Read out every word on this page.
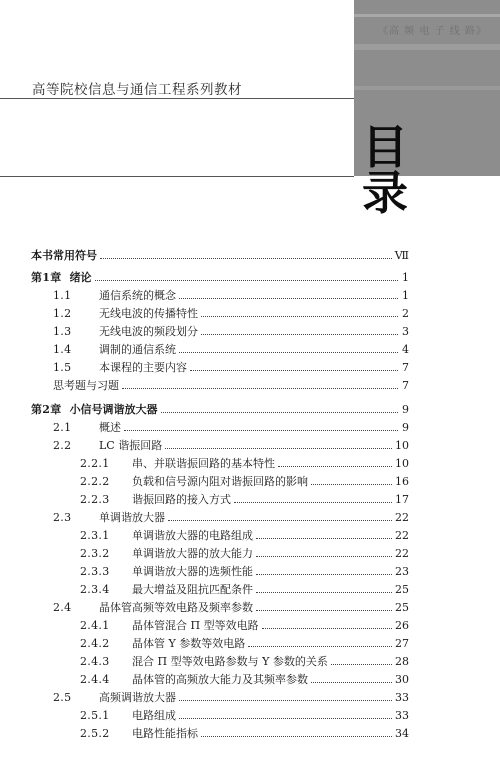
《高 频 电 子 线 路》
高等院校信息与通信工程系列教材
目 录
本书常用符号	Ⅶ
第1章 绪论	1
1.1	通信系统的概念	1
1.2	无线电波的传播特性	2
1.3	无线电波的频段划分	3
1.4	调制的通信系统	4
1.5	本课程的主要内容	7
思考题与习题	7
第2章 小信号调谐放大器	9
2.1	概述	9
2.2	LC 谐振回路	10
2.2.1	串、并联谐振回路的基本特性	10
2.2.2	负载和信号源内阻对谐振回路的影响	16
2.2.3	谐振回路的接入方式	17
2.3	单调谐放大器	22
2.3.1	单调谐放大器的电路组成	22
2.3.2	单调谐放大器的放大能力	22
2.3.3	单调谐放大器的选频性能	23
2.3.4	最大增益及阻抗匹配条件	25
2.4	晶体管高频等效电路及频率参数	25
2.4.1	晶体管混合 Π 型等效电路	26
2.4.2	晶体管 Y 参数等效电路	27
2.4.3	混合 Π 型等效电路参数与 Y 参数的关系	28
2.4.4	晶体管的高频放大能力及其频率参数	30
2.5	高频调谐放大器	33
2.5.1	电路组成	33
2.5.2	电路性能指标	34
